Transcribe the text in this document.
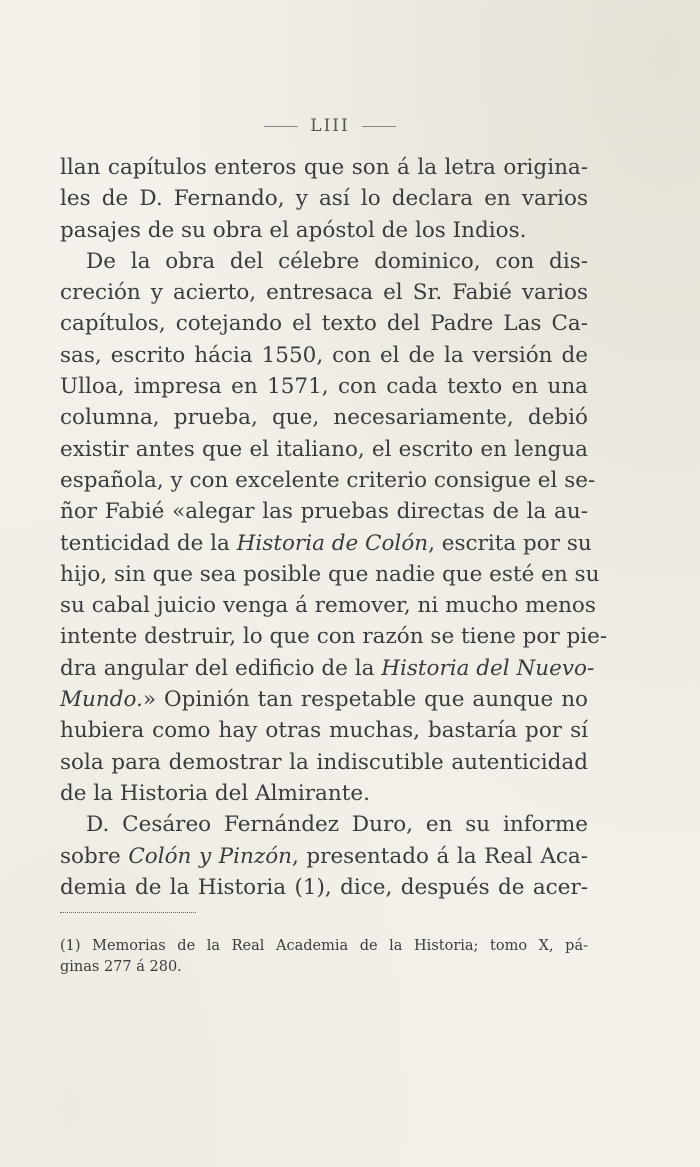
LIII

llan capítulos enteros que son á la letra origina-
les de D. Fernando, y así lo declara en varios
pasajes de su obra el apóstol de los Indios.

De la obra del célebre dominico, con dis-
creción y acierto, entresaca el Sr. Fabié varios
capítulos, cotejando el texto del Padre Las Ca-
sas, escrito hácia 1550, con el de la versión de
Ulloa, impresa en 1571, con cada texto en una
columna, prueba, que, necesariamente, debió
existir antes que el italiano, el escrito en lengua
española, y con excelente criterio consigue el se-
ñor Fabié «alegar las pruebas directas de la au-
tenticidad de la Historia de Colón, escrita por su
hijo, sin que sea posible que nadie que esté en su
su cabal juicio venga á remover, ni mucho menos
intente destruir, lo que con razón se tiene por pie-
dra angular del edificio de la Historia del Nuevo-
Mundo.» Opinión tan respetable que aunque no
hubiera como hay otras muchas, bastaría por sí
sola para demostrar la indiscutible autenticidad
de la Historia del Almirante.

D. Cesáreo Fernández Duro, en su informe
sobre Colón y Pinzón, presentado á la Real Aca-
demia de la Historia (1), dice, después de acer-

(1) Memorias de la Real Academia de la Historia; tomo X, pá-
ginas 277 á 280.
